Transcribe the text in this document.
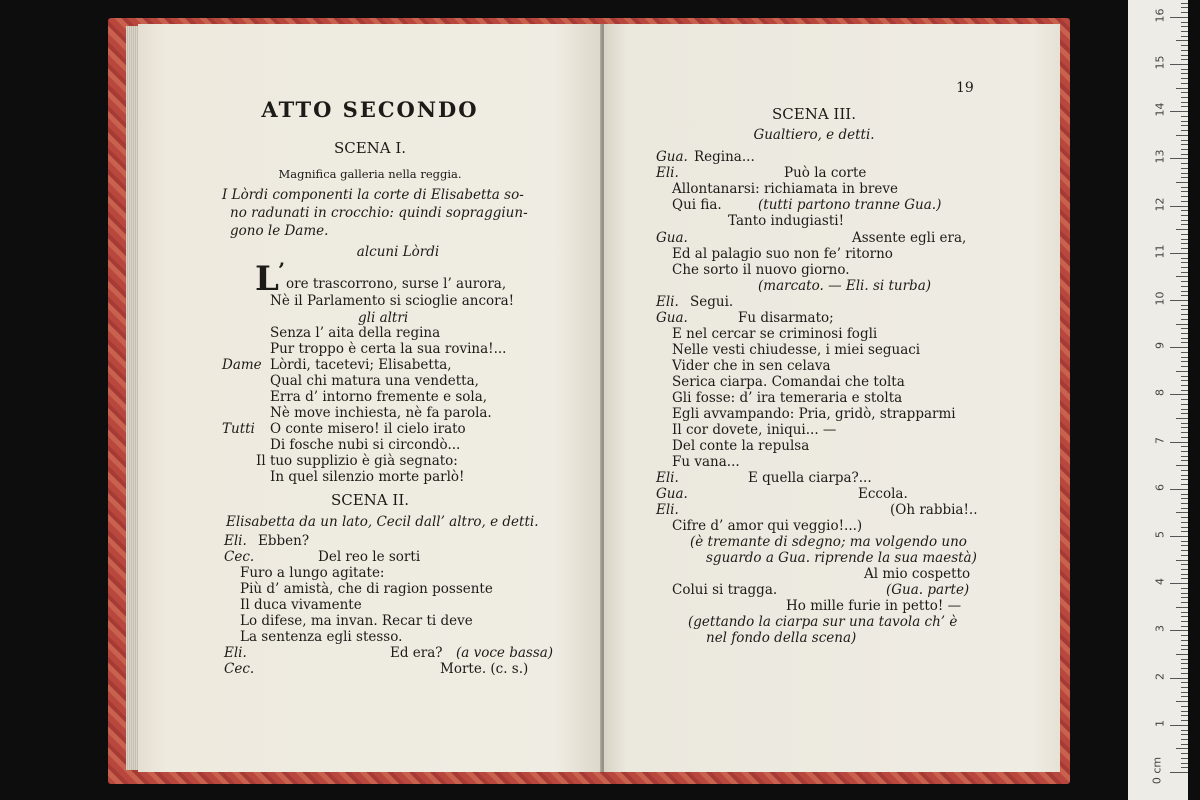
ATTO SECONDO
SCENA I.
Magnifica galleria nella reggia.
I Lòrdi componenti la corte di Elisabetta so-
no radunati in crocchio: quindi sopraggiun-
gono le Dame.
alcuni Lòrdi
L ’
ore trascorrono, surse l’ aurora,
Nè il Parlamento si scioglie ancora!
gli altri
Senza l’ aita della regina
Pur troppo è certa la sua rovina!...
Dame Lòrdi, tacetevi; Elisabetta,
Qual chi matura una vendetta,
Erra d’ intorno fremente e sola,
Nè move inchiesta, nè fa parola.
Tutti O conte misero! il cielo irato
Di fosche nubi si circondò...
Il tuo supplizio è già segnato:
In quel silenzio morte parlò!
SCENA II.
Elisabetta da un lato, Cecil dall’ altro, e detti.
Eli. Ebben?
Cec.	Del reo le sorti
Furo a lungo agitate:
Più d’ amistà, che di ragion possente
Il duca vivamente
Lo difese, ma invan. Recar ti deve
La sentenza egli stesso.
Eli.	Ed era? (a voce bassa)
Cec.	Morte. (c. s.)
19
SCENA III.
Gualtiero, e detti.
Gua. Regina...
Eli.	Può la corte
Allontanarsi: richiamata in breve
Qui fia.	(tutti partono tranne Gua.)
Tanto indugiasti!
Gua.	Assente egli era,
Ed al palagio suo non fe’ ritorno
Che sorto il nuovo giorno.
(marcato. — Eli. si turba)
Eli. Segui.
Gua.	Fu disarmato;
E nel cercar se criminosi fogli
Nelle vesti chiudesse, i miei seguaci
Vider che in sen celava
Serica ciarpa. Comandai che tolta
Gli fosse: d’ ira temeraria e stolta
Egli avvampando: Pria, gridò, strapparmi
Il cor dovete, iniqui... —
Del conte la repulsa
Fu vana...
Eli.	E quella ciarpa?...
Gua.	Eccola.
Eli.	(Oh rabbia!..
Cifre d’ amor qui veggio!...)
(è tremante di sdegno; ma volgendo uno
sguardo a Gua. riprende la sua maestà)
Al mio cospetto
Colui si tragga.	(Gua. parte)
Ho mille furie in petto! —
(gettando la ciarpa sur una tavola ch’ è
nel fondo della scena)
0 cm
1
2
3
4
5
6
7
8
9
10
11
12
13
14
15
16
